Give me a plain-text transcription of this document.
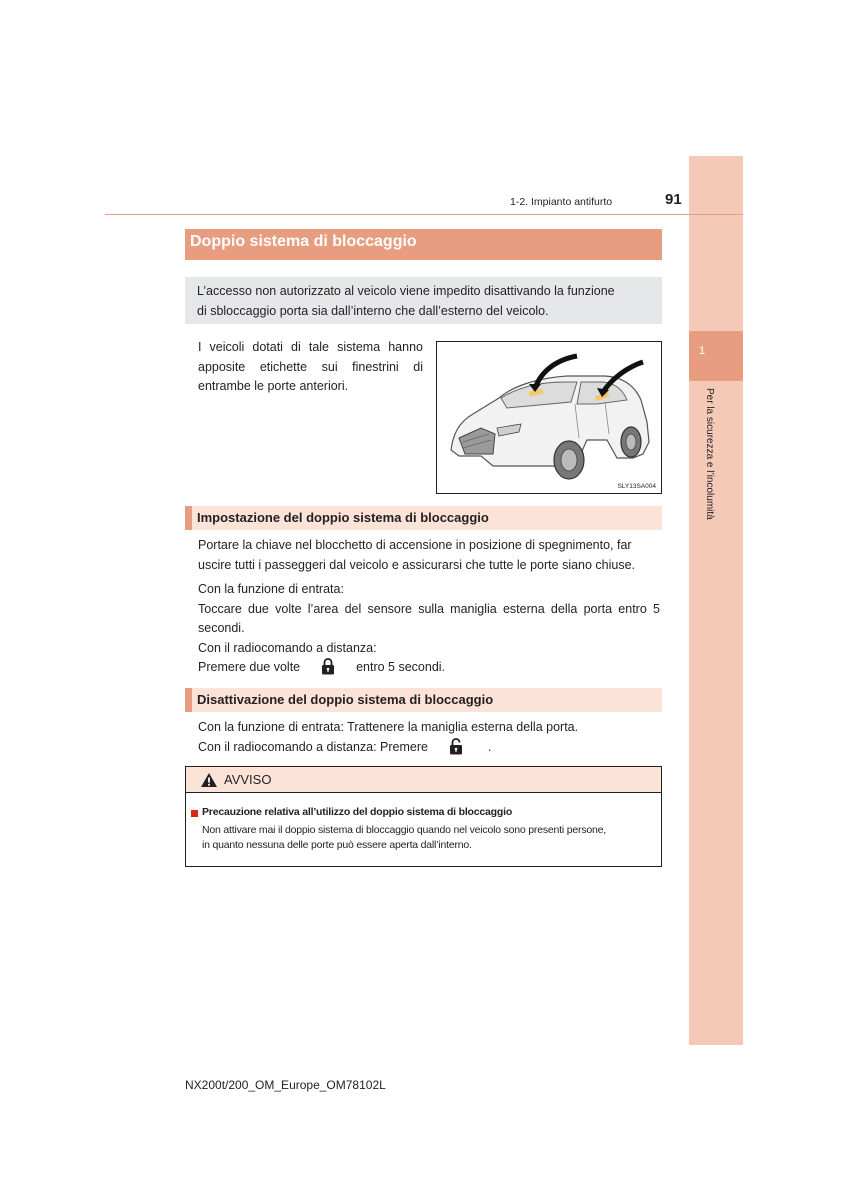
1
Per la sicurezza e l’incolumità
1-2. Impianto antifurto	91
Doppio sistema di bloccaggio
L’accesso non autorizzato al veicolo viene impedito disattivando la funzione
di sbloccaggio porta sia dall’interno che dall’esterno del veicolo.
I veicoli dotati di tale sistema hanno
apposite etichette sui finestrini di
entrambe le porte anteriori.
SLY13SA004
Impostazione del doppio sistema di bloccaggio
Portare la chiave nel blocchetto di accensione in posizione di spegnimento, far
uscire tutti i passeggeri dal veicolo e assicurarsi che tutte le porte siano chiuse.
Con la funzione di entrata:
Toccare due volte l’area del sensore sulla maniglia esterna della porta entro 5
secondi.
Con il radiocomando a distanza:
Premere due volte	entro 5 secondi.
Disattivazione del doppio sistema di bloccaggio
Con la funzione di entrata: Trattenere la maniglia esterna della porta.
Con il radiocomando a distanza: Premere	.
AVVISO
Precauzione relativa all’utilizzo del doppio sistema di bloccaggio
Non attivare mai il doppio sistema di bloccaggio quando nel veicolo sono presenti persone,
in quanto nessuna delle porte può essere aperta dall’interno.
NX200t/200_OM_Europe_OM78102L
